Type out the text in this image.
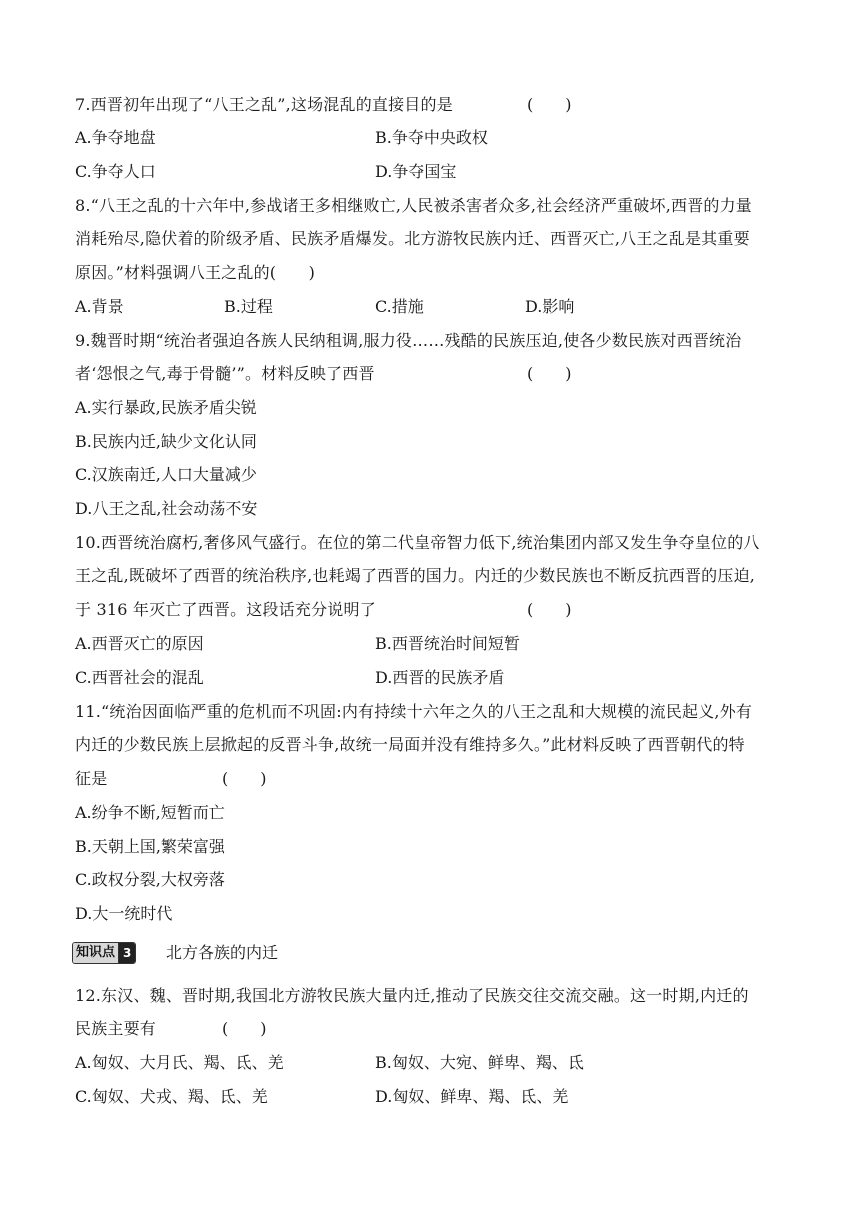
7.西晋初年出现了“八王之乱”,这场混乱的直接目的是	(　　)
A.争夺地盘	B.争夺中央政权
C.争夺人口	D.争夺国宝
8.“八王之乱的十六年中,参战诸王多相继败亡,人民被杀害者众多,社会经济严重破坏,西晋的力量
消耗殆尽,隐伏着的阶级矛盾、民族矛盾爆发。北方游牧民族内迁、西晋灭亡,八王之乱是其重要
原因。”材料强调八王之乱的(　　)
A.背景	B.过程	C.措施	D.影响
9.魏晋时期“统治者强迫各族人民纳租调,服力役……残酷的民族压迫,使各少数民族对西晋统治
者‘怨恨之气,毒于骨髓’”。材料反映了西晋	(　　)
A.实行暴政,民族矛盾尖锐
B.民族内迁,缺少文化认同
C.汉族南迁,人口大量减少
D.八王之乱,社会动荡不安
10.西晋统治腐朽,奢侈风气盛行。在位的第二代皇帝智力低下,统治集团内部又发生争夺皇位的八
王之乱,既破坏了西晋的统治秩序,也耗竭了西晋的国力。内迁的少数民族也不断反抗西晋的压迫,
于 316 年灭亡了西晋。这段话充分说明了	(　　)
A.西晋灭亡的原因	B.西晋统治时间短暂
C.西晋社会的混乱	D.西晋的民族矛盾
11.“统治因面临严重的危机而不巩固:内有持续十六年之久的八王之乱和大规模的流民起义,外有
内迁的少数民族上层掀起的反晋斗争,故统一局面并没有维持多久。”此材料反映了西晋朝代的特
征是	(　　)
A.纷争不断,短暂而亡
B.天朝上国,繁荣富强
C.政权分裂,大权旁落
D.大一统时代
知识点 3 北方各族的内迁
12.东汉、魏、晋时期,我国北方游牧民族大量内迁,推动了民族交往交流交融。这一时期,内迁的
民族主要有	(　　)
A.匈奴、大月氏、羯、氐、羌	B.匈奴、大宛、鲜卑、羯、氐
C.匈奴、犬戎、羯、氐、羌	D.匈奴、鲜卑、羯、氐、羌
